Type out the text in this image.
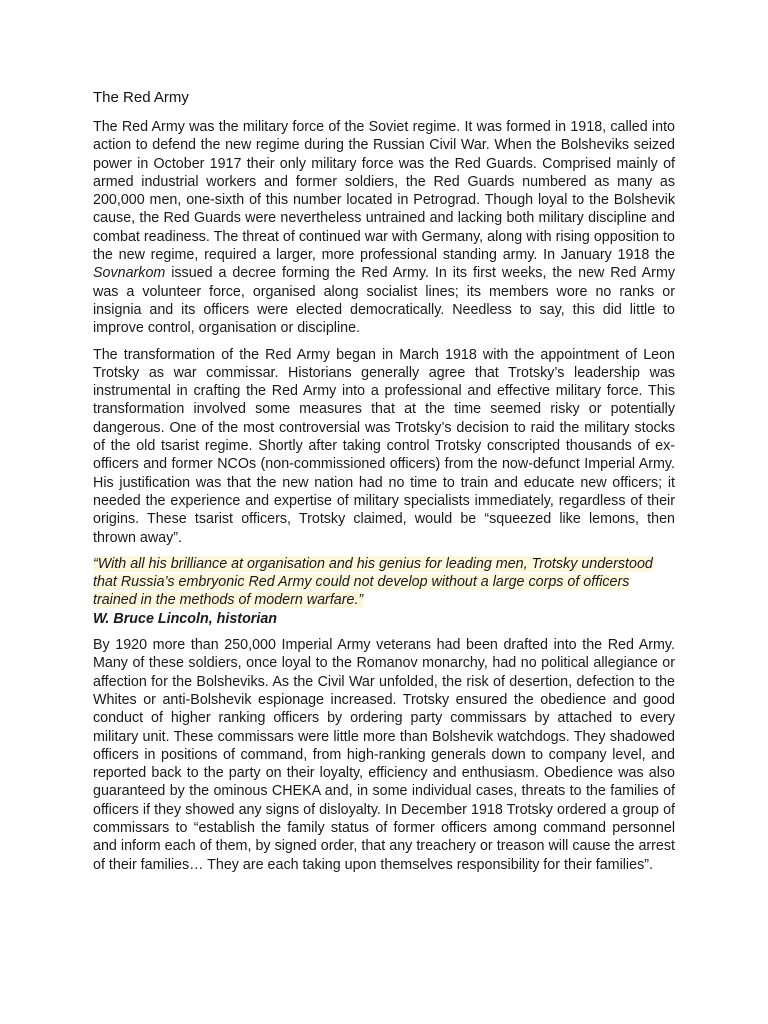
The Red Army

The Red Army was the military force of the Soviet regime. It was formed in 1918, called into action to defend the new regime during the Russian Civil War. When the Bolsheviks seized power in October 1917 their only military force was the Red Guards. Comprised mainly of armed industrial workers and former soldiers, the Red Guards numbered as many as 200,000 men, one-sixth of this number located in Petrograd. Though loyal to the Bolshevik cause, the Red Guards were nevertheless untrained and lacking both military discipline and combat readiness. The threat of continued war with Germany, along with rising opposition to the new regime, required a larger, more professional standing army. In January 1918 the Sovnarkom issued a decree forming the Red Army. In its first weeks, the new Red Army was a volunteer force, organised along socialist lines; its members wore no ranks or insignia and its officers were elected democratically. Needless to say, this did little to improve control, organisation or discipline.

The transformation of the Red Army began in March 1918 with the appointment of Leon Trotsky as war commissar. Historians generally agree that Trotsky’s leadership was instrumental in crafting the Red Army into a professional and effective military force. This transformation involved some measures that at the time seemed risky or potentially dangerous. One of the most controversial was Trotsky’s decision to raid the military stocks of the old tsarist regime. Shortly after taking control Trotsky conscripted thousands of ex-officers and former NCOs (non-commissioned officers) from the now-defunct Imperial Army. His justification was that the new nation had no time to train and educate new officers; it needed the experience and expertise of military specialists immediately, regardless of their origins. These tsarist officers, Trotsky claimed, would be “squeezed like lemons, then thrown away”.

“With all his brilliance at organisation and his genius for leading men, Trotsky understood that Russia’s embryonic Red Army could not develop without a large corps of officers trained in the methods of modern warfare.”
W. Bruce Lincoln, historian

By 1920 more than 250,000 Imperial Army veterans had been drafted into the Red Army. Many of these soldiers, once loyal to the Romanov monarchy, had no political allegiance or affection for the Bolsheviks. As the Civil War unfolded, the risk of desertion, defection to the Whites or anti-Bolshevik espionage increased. Trotsky ensured the obedience and good conduct of higher ranking officers by ordering party commissars by attached to every military unit. These commissars were little more than Bolshevik watchdogs. They shadowed officers in positions of command, from high-ranking generals down to company level, and reported back to the party on their loyalty, efficiency and enthusiasm. Obedience was also guaranteed by the ominous CHEKA and, in some individual cases, threats to the families of officers if they showed any signs of disloyalty. In December 1918 Trotsky ordered a group of commissars to “establish the family status of former officers among command personnel and inform each of them, by signed order, that any treachery or treason will cause the arrest of their families… They are each taking upon themselves responsibility for their families”.
